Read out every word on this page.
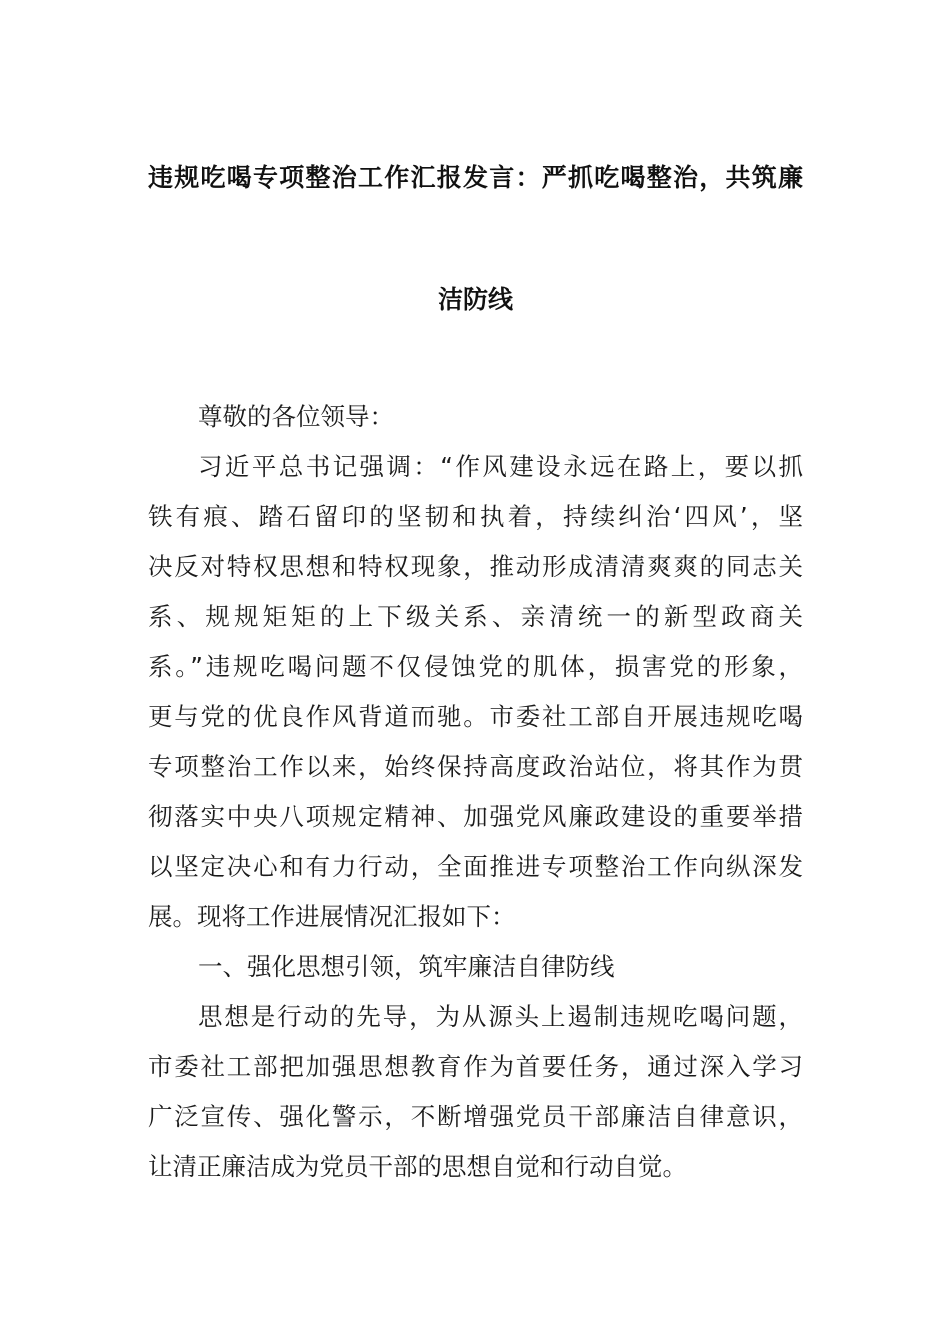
违规吃喝专项整治工作汇报发言：严抓吃喝整治，共筑廉
洁防线
尊敬的各位领导：
习近平总书记强调：“作风建设永远在路上，要以抓
铁有痕、踏石留印的坚韧和执着，持续纠治‘四风’，坚
决反对特权思想和特权现象，推动形成清清爽爽的同志关
系、规规矩矩的上下级关系、亲清统一的新型政商关
系。”违规吃喝问题不仅侵蚀党的肌体，损害党的形象，
更与党的优良作风背道而驰。市委社工部自开展违规吃喝
专项整治工作以来，始终保持高度政治站位，将其作为贯
彻落实中央八项规定精神、加强党风廉政建设的重要举措
以坚定决心和有力行动，全面推进专项整治工作向纵深发
展。现将工作进展情况汇报如下：
一、强化思想引领，筑牢廉洁自律防线
思想是行动的先导，为从源头上遏制违规吃喝问题，
市委社工部把加强思想教育作为首要任务，通过深入学习
广泛宣传、强化警示，不断增强党员干部廉洁自律意识，
让清正廉洁成为党员干部的思想自觉和行动自觉。
